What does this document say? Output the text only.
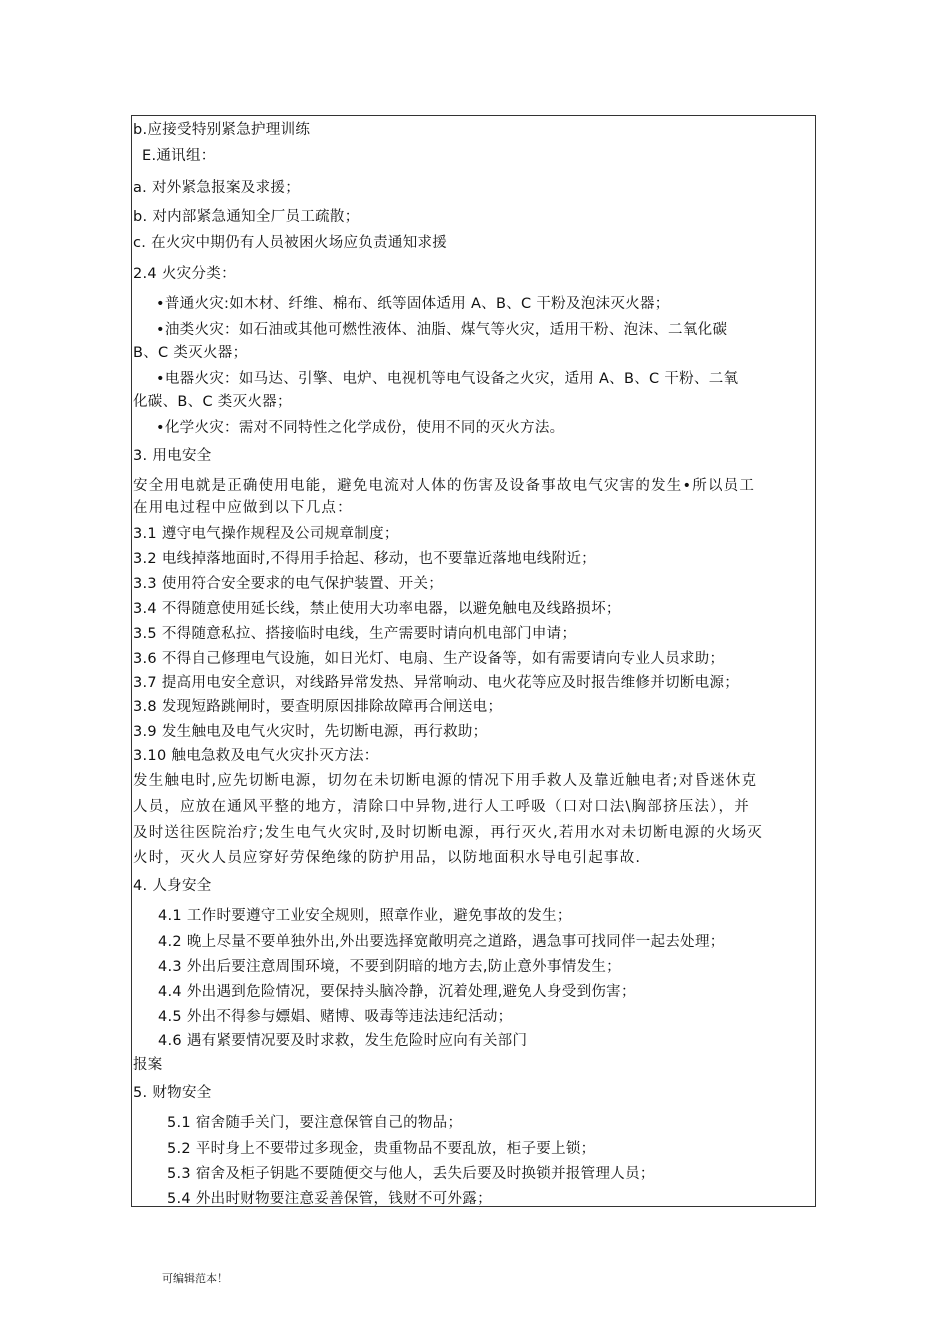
b.应接受特别紧急护理训练
E.通讯组：
a. 对外紧急报案及求援；
b. 对内部紧急通知全厂员工疏散；
c. 在火灾中期仍有人员被困火场应负责通知求援
2.4 火灾分类：
•普通火灾:如木材、纤维、棉布、纸等固体适用 A、B、C 干粉及泡沫灭火器；
•油类火灾：如石油或其他可燃性液体、油脂、煤气等火灾，适用干粉、泡沫、二氧化碳
B、C 类灭火器；
•电器火灾：如马达、引擎、电炉、电视机等电气设备之火灾，适用 A、B、C 干粉、二氧
化碳、B、C 类灭火器；
•化学火灾：需对不同特性之化学成份，使用不同的灭火方法。
3. 用电安全
安全用电就是正确使用电能，避免电流对人体的伤害及设备事故电气灾害的发生•所以员工
在用电过程中应做到以下几点：
3.1 遵守电气操作规程及公司规章制度；
3.2 电线掉落地面时,不得用手拾起、移动，也不要靠近落地电线附近；
3.3 使用符合安全要求的电气保护装置、开关；
3.4 不得随意使用延长线，禁止使用大功率电器，以避免触电及线路损坏；
3.5 不得随意私拉、搭接临时电线，生产需要时请向机电部门申请；
3.6 不得自己修理电气设施，如日光灯、电扇、生产设备等，如有需要请向专业人员求助；
3.7 提高用电安全意识，对线路异常发热、异常响动、电火花等应及时报告维修并切断电源；
3.8 发现短路跳闸时，要查明原因排除故障再合闸送电；
3.9 发生触电及电气火灾时，先切断电源，再行救助；
3.10 触电急救及电气火灾扑灭方法：
发生触电时,应先切断电源，切勿在未切断电源的情况下用手救人及靠近触电者;对昏迷休克
人员，应放在通风平整的地方，清除口中异物,进行人工呼吸（口对口法\胸部挤压法），并
及时送往医院治疗;发生电气火灾时,及时切断电源，再行灭火,若用水对未切断电源的火场灭
火时，灭火人员应穿好劳保绝缘的防护用品，以防地面积水导电引起事故.
4. 人身安全
4.1 工作时要遵守工业安全规则，照章作业，避免事故的发生；
4.2 晚上尽量不要单独外出,外出要选择宽敞明亮之道路，遇急事可找同伴一起去处理；
4.3 外出后要注意周围环境，不要到阴暗的地方去,防止意外事情发生；
4.4 外出遇到危险情况，要保持头脑冷静，沉着处理,避免人身受到伤害；
4.5 外出不得参与嫖娼、赌博、吸毒等违法违纪活动；
4.6 遇有紧要情况要及时求救，发生危险时应向有关部门
报案
5. 财物安全
5.1 宿舍随手关门，要注意保管自己的物品；
5.2 平时身上不要带过多现金，贵重物品不要乱放，柜子要上锁；
5.3 宿舍及柜子钥匙不要随便交与他人，丢失后要及时换锁并报管理人员；
5.4 外出时财物要注意妥善保管，钱财不可外露；
可编辑范本！
